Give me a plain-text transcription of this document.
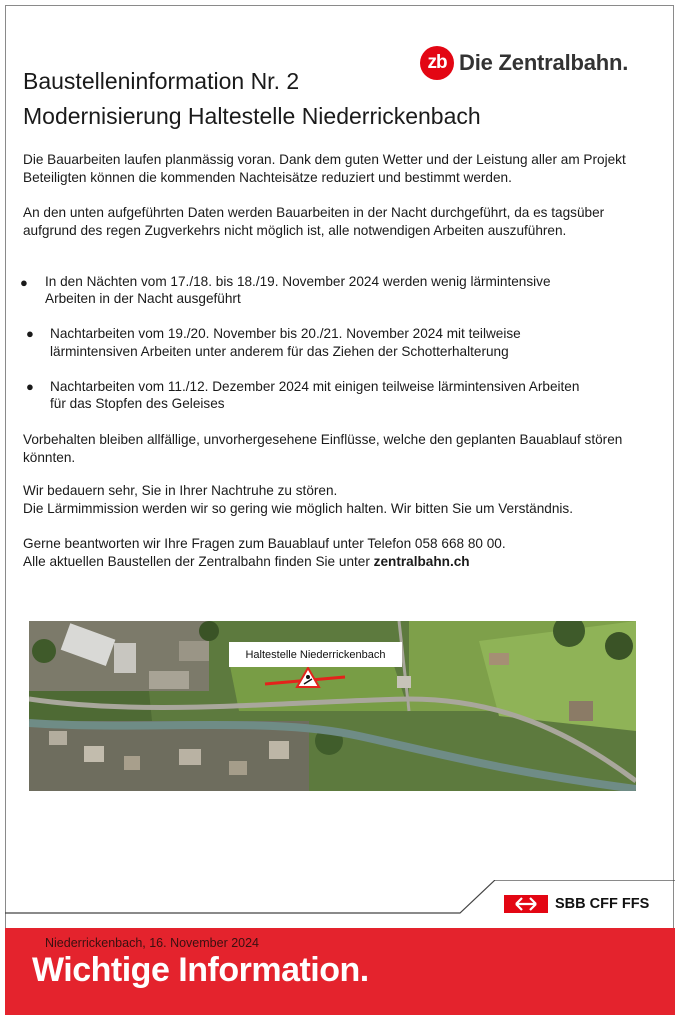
zb Die Zentralbahn.
Baustelleninformation Nr. 2
Modernisierung Haltestelle Niederrickenbach
Die Bauarbeiten laufen planmässig voran. Dank dem guten Wetter und der Leistung aller am Projekt Beteiligten können die kommenden Nachteisätze reduziert und bestimmt werden.
An den unten aufgeführten Daten werden Bauarbeiten in der Nacht durchgeführt, da es tagsüber aufgrund des regen Zugverkehrs nicht möglich ist, alle notwendigen Arbeiten auszuführen.
● In den Nächten vom 17./18. bis 18./19. November 2024 werden wenig lärmintensive
Arbeiten in der Nacht ausgeführt
● Nachtarbeiten vom 19./20. November bis 20./21. November 2024 mit teilweise
lärmintensiven Arbeiten unter anderem für das Ziehen der Schotterhalterung
● Nachtarbeiten vom 11./12. Dezember 2024 mit einigen teilweise lärmintensiven Arbeiten
für das Stopfen des Geleises
Vorbehalten bleiben allfällige, unvorhergesehene Einflüsse, welche den geplanten Bauablauf stören könnten.
Wir bedauern sehr, Sie in Ihrer Nachtruhe zu stören.
Die Lärmimmission werden wir so gering wie möglich halten. Wir bitten Sie um Verständnis.
Gerne beantworten wir Ihre Fragen zum Bauablauf unter Telefon 058 668 80 00.
Alle aktuellen Baustellen der Zentralbahn finden Sie unter zentralbahn.ch
Haltestelle Niederrickenbach
SBB CFF FFS
Niederrickenbach, 16. November 2024
Wichtige Information.
